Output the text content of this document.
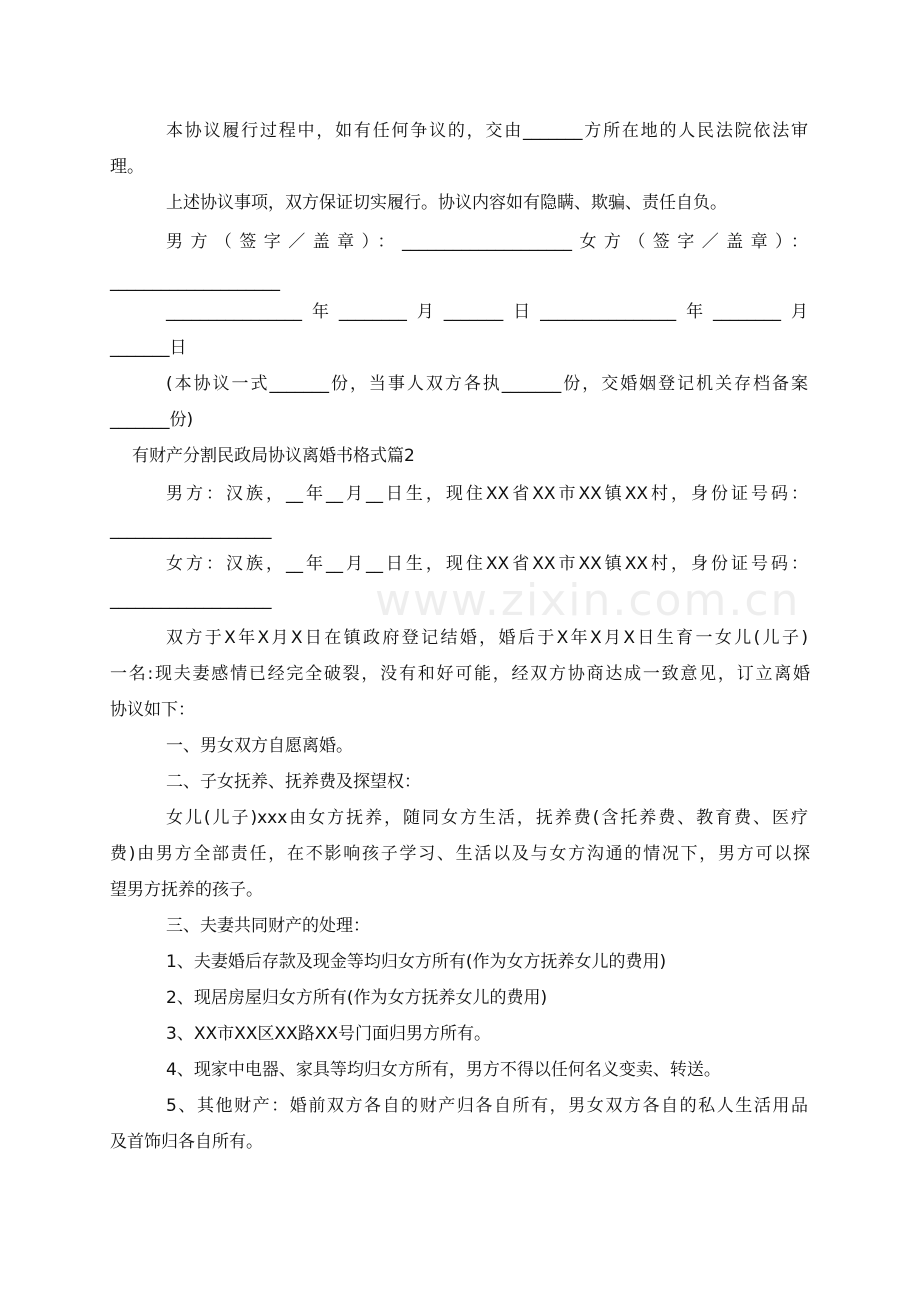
www.zixin.com.cn

本协议履行过程中，如有任何争议的，交由_______方所在地的人民法院依法审

理。

上述协议事项，双方保证切实履行。协议内容如有隐瞒、欺骗、责任自负。

男方（签字／盖章）：____________________女方（签字／盖章）：

____________________

________________年________月_______日________________年________月

_______日

(本协议一式_______份，当事人双方各执_______份，交婚姻登记机关存档备案

_______份)

有财产分割民政局协议离婚书格式篇2

男方：汉族，__年__月__日生，现住XX省XX市XX镇XX村，身份证号码：

___________________

女方：汉族，__年__月__日生，现住XX省XX市XX镇XX村，身份证号码：

___________________

双方于X年X月X日在镇政府登记结婚，婚后于X年X月X日生育一女儿(儿子)

一名:现夫妻感情已经完全破裂，没有和好可能，经双方协商达成一致意见，订立离婚

协议如下：

一、男女双方自愿离婚。

二、子女抚养、抚养费及探望权：

女儿(儿子)xxx由女方抚养，随同女方生活，抚养费(含托养费、教育费、医疗

费)由男方全部责任，在不影响孩子学习、生活以及与女方沟通的情况下，男方可以探

望男方抚养的孩子。

三、夫妻共同财产的处理：

1、夫妻婚后存款及现金等均归女方所有(作为女方抚养女儿的费用)

2、现居房屋归女方所有(作为女方抚养女儿的费用)

3、XX市XX区XX路XX号门面归男方所有。

4、现家中电器、家具等均归女方所有，男方不得以任何名义变卖、转送。

5、其他财产：婚前双方各自的财产归各自所有，男女双方各自的私人生活用品

及首饰归各自所有。
